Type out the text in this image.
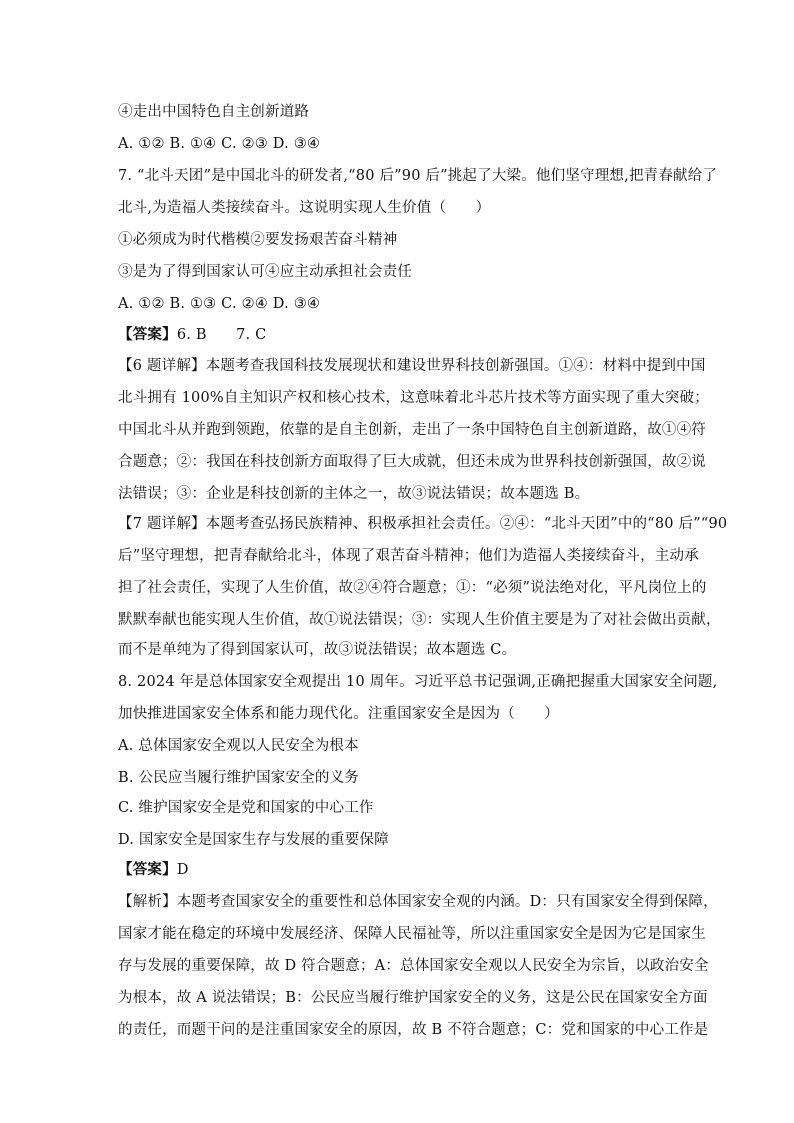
④走出中国特色自主创新道路
A. ①② B. ①④ C. ②③ D. ③④
7. “北斗天团”是中国北斗的研发者,“80 后”90 后”挑起了大梁。他们坚守理想,把青春献给了
北斗,为造福人类接续奋斗。这说明实现人生价值（　　）
①必须成为时代楷模②要发扬艰苦奋斗精神
③是为了得到国家认可④应主动承担社会责任
A. ①② B. ①③ C. ②④ D. ③④
【答案】6. B　　7. C
【6 题详解】本题考查我国科技发展现状和建设世界科技创新强国。①④：材料中提到中国
北斗拥有 100%自主知识产权和核心技术，这意味着北斗芯片技术等方面实现了重大突破；
中国北斗从并跑到领跑，依靠的是自主创新，走出了一条中国特色自主创新道路，故①④符
合题意；②：我国在科技创新方面取得了巨大成就，但还未成为世界科技创新强国，故②说
法错误；③：企业是科技创新的主体之一，故③说法错误；故本题选 B。
【7 题详解】本题考查弘扬民族精神、积极承担社会责任。②④：“北斗天团”中的“80 后”“90
后”坚守理想，把青春献给北斗，体现了艰苦奋斗精神；他们为造福人类接续奋斗，主动承
担了社会责任，实现了人生价值，故②④符合题意；①：“必须”说法绝对化，平凡岗位上的
默默奉献也能实现人生价值，故①说法错误；③：实现人生价值主要是为了对社会做出贡献，
而不是单纯为了得到国家认可，故③说法错误；故本题选 C。
8. 2024 年是总体国家安全观提出 10 周年。习近平总书记强调,正确把握重大国家安全问题,
加快推进国家安全体系和能力现代化。注重国家安全是因为（　　）
A. 总体国家安全观以人民安全为根本
B. 公民应当履行维护国家安全的义务
C. 维护国家安全是党和国家的中心工作
D. 国家安全是国家生存与发展的重要保障
【答案】D
【解析】本题考查国家安全的重要性和总体国家安全观的内涵。D：只有国家安全得到保障，
国家才能在稳定的环境中发展经济、保障人民福祉等，所以注重国家安全是因为它是国家生
存与发展的重要保障，故 D 符合题意；A：总体国家安全观以人民安全为宗旨，以政治安全
为根本，故 A 说法错误；B：公民应当履行维护国家安全的义务，这是公民在国家安全方面
的责任，而题干问的是注重国家安全的原因，故 B 不符合题意；C：党和国家的中心工作是
